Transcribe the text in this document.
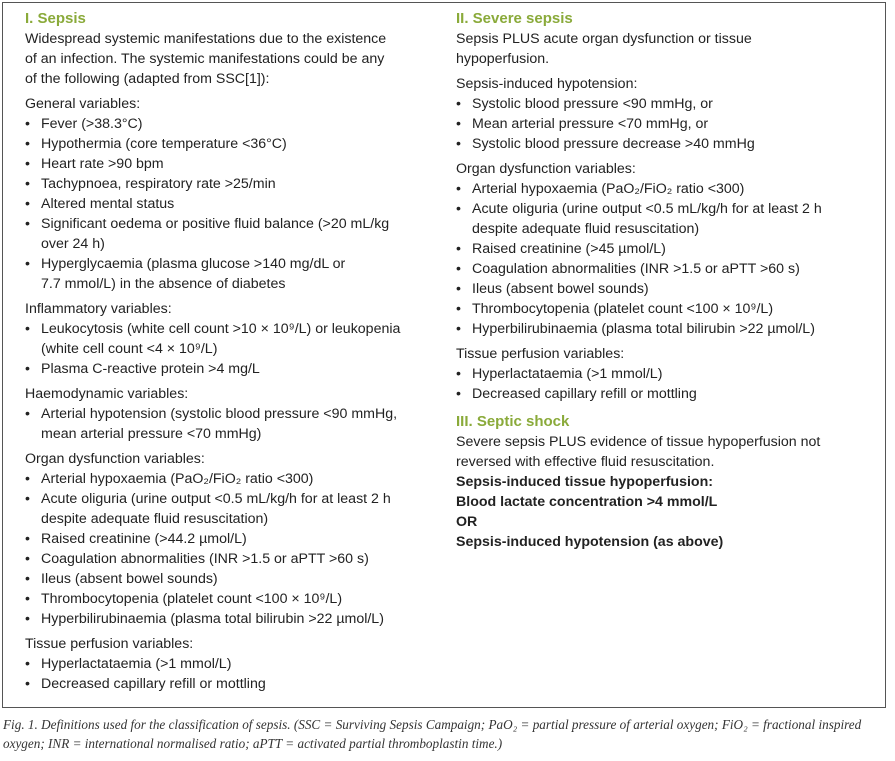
I. Sepsis
Widespread systemic manifestations due to the existence
of an infection. The systemic manifestations could be any
of the following (adapted from SSC[1]):
General variables:
• Fever (>38.3°C)
• Hypothermia (core temperature <36°C)
• Heart rate >90 bpm
• Tachypnoea, respiratory rate >25/min
• Altered mental status
• Significant oedema or positive fluid balance (>20 mL/kg
over 24 h)
• Hyperglycaemia (plasma glucose >140 mg/dL or
7.7 mmol/L) in the absence of diabetes
Inflammatory variables:
• Leukocytosis (white cell count >10 × 10⁹/L) or leukopenia
(white cell count <4 × 10⁹/L)
• Plasma C-reactive protein >4 mg/L
Haemodynamic variables:
• Arterial hypotension (systolic blood pressure <90 mmHg,
mean arterial pressure <70 mmHg)
Organ dysfunction variables:
• Arterial hypoxaemia (PaO₂/FiO₂ ratio <300)
• Acute oliguria (urine output <0.5 mL/kg/h for at least 2 h
despite adequate fluid resuscitation)
• Raised creatinine (>44.2 µmol/L)
• Coagulation abnormalities (INR >1.5 or aPTT >60 s)
• Ileus (absent bowel sounds)
• Thrombocytopenia (platelet count <100 × 10⁹/L)
• Hyperbilirubinaemia (plasma total bilirubin >22 µmol/L)
Tissue perfusion variables:
• Hyperlactataemia (>1 mmol/L)
• Decreased capillary refill or mottling
II. Severe sepsis
Sepsis PLUS acute organ dysfunction or tissue
hypoperfusion.
Sepsis-induced hypotension:
• Systolic blood pressure <90 mmHg, or
• Mean arterial pressure <70 mmHg, or
• Systolic blood pressure decrease >40 mmHg
Organ dysfunction variables:
• Arterial hypoxaemia (PaO₂/FiO₂ ratio <300)
• Acute oliguria (urine output <0.5 mL/kg/h for at least 2 h
despite adequate fluid resuscitation)
• Raised creatinine (>45 µmol/L)
• Coagulation abnormalities (INR >1.5 or aPTT >60 s)
• Ileus (absent bowel sounds)
• Thrombocytopenia (platelet count <100 × 10⁹/L)
• Hyperbilirubinaemia (plasma total bilirubin >22 µmol/L)
Tissue perfusion variables:
• Hyperlactataemia (>1 mmol/L)
• Decreased capillary refill or mottling
III. Septic shock
Severe sepsis PLUS evidence of tissue hypoperfusion not
reversed with effective fluid resuscitation.
Sepsis-induced tissue hypoperfusion:
Blood lactate concentration >4 mmol/L
OR
Sepsis-induced hypotension (as above)
Fig. 1. Definitions used for the classification of sepsis. (SSC = Surviving Sepsis Campaign; PaO₂ = partial pressure of arterial oxygen; FiO₂ = fractional inspired
oxygen; INR = international normalised ratio; aPTT = activated partial thromboplastin time.)
